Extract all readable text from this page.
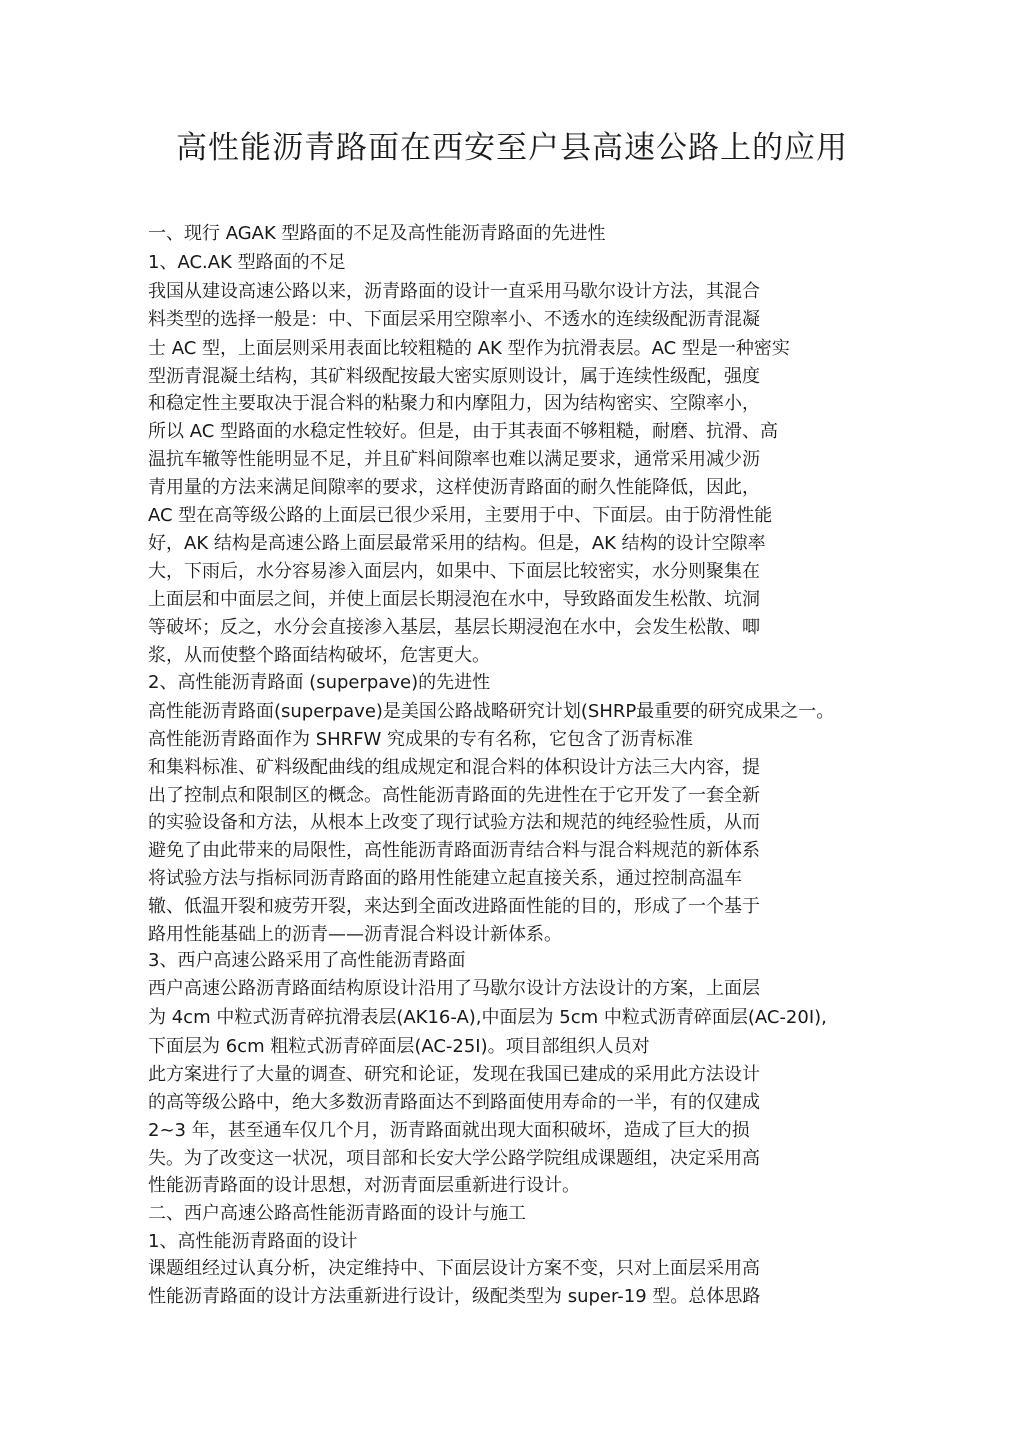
高性能沥青路面在西安至户县高速公路上的应用
一、现行 AGAK 型路面的不足及高性能沥青路面的先进性
1、AC.AK 型路面的不足
我国从建设高速公路以来，沥青路面的设计一直采用马歇尔设计方法，其混合
料类型的选择一般是：中、下面层采用空隙率小、不透水的连续级配沥青混凝
士 AC 型，上面层则采用表面比较粗糙的 AK 型作为抗滑表层。AC 型是一种密实
型沥青混凝土结构，其矿料级配按最大密实原则设计，属于连续性级配，强度
和稳定性主要取决于混合料的粘聚力和内摩阻力，因为结构密实、空隙率小，
所以 AC 型路面的水稳定性较好。但是，由于其表面不够粗糙，耐磨、抗滑、高
温抗车辙等性能明显不足，并且矿料间隙率也难以满足要求，通常采用减少沥
青用量的方法来满足间隙率的要求，这样使沥青路面的耐久性能降低，因此，
AC 型在高等级公路的上面层已很少采用，主要用于中、下面层。由于防滑性能
好，AK 结构是高速公路上面层最常采用的结构。但是，AK 结构的设计空隙率
大，下雨后，水分容易渗入面层内，如果中、下面层比较密实，水分则聚集在
上面层和中面层之间，并使上面层长期浸泡在水中，导致路面发生松散、坑洞
等破坏；反之，水分会直接渗入基层，基层长期浸泡在水中，会发生松散、唧
浆，从而使整个路面结构破坏，危害更大。
2、高性能沥青路面 (superpave)的先进性
高性能沥青路面(superpave)是美国公路战略研究计划(SHRP最重要的研究成果之一。
高性能沥青路面作为 SHRFW 究成果的专有名称，它包含了沥青标准
和集料标准、矿料级配曲线的组成规定和混合料的体积设计方法三大内容，提
出了控制点和限制区的概念。高性能沥青路面的先进性在于它开发了一套全新
的实验设备和方法，从根本上改变了现行试验方法和规范的纯经验性质，从而
避免了由此带来的局限性，高性能沥青路面沥青结合料与混合料规范的新体系
将试验方法与指标同沥青路面的路用性能建立起直接关系，通过控制高温车
辙、低温开裂和疲劳开裂，来达到全面改进路面性能的目的，形成了一个基于
路用性能基础上的沥青——沥青混合料设计新体系。
3、西户高速公路采用了高性能沥青路面
西户高速公路沥青路面结构原设计沿用了马歇尔设计方法设计的方案，上面层
为 4cm 中粒式沥青碎抗滑表层(AK16-A),中面层为 5cm 中粒式沥青碎面层(AC-20I),
下面层为 6cm 粗粒式沥青碎面层(AC-25I)。项目部组织人员对
此方案进行了大量的调查、研究和论证，发现在我国已建成的采用此方法设计
的高等级公路中，绝大多数沥青路面达不到路面使用寿命的一半，有的仅建成
2~3 年，甚至通车仅几个月，沥青路面就出现大面积破坏，造成了巨大的损
失。为了改变这一状况，项目部和长安大学公路学院组成课题组，决定采用高
性能沥青路面的设计思想，对沥青面层重新进行设计。
二、西户高速公路高性能沥青路面的设计与施工
1、高性能沥青路面的设计
课题组经过认真分析，决定维持中、下面层设计方案不变，只对上面层采用高
性能沥青路面的设计方法重新进行设计，级配类型为 super-19 型。总体思路
